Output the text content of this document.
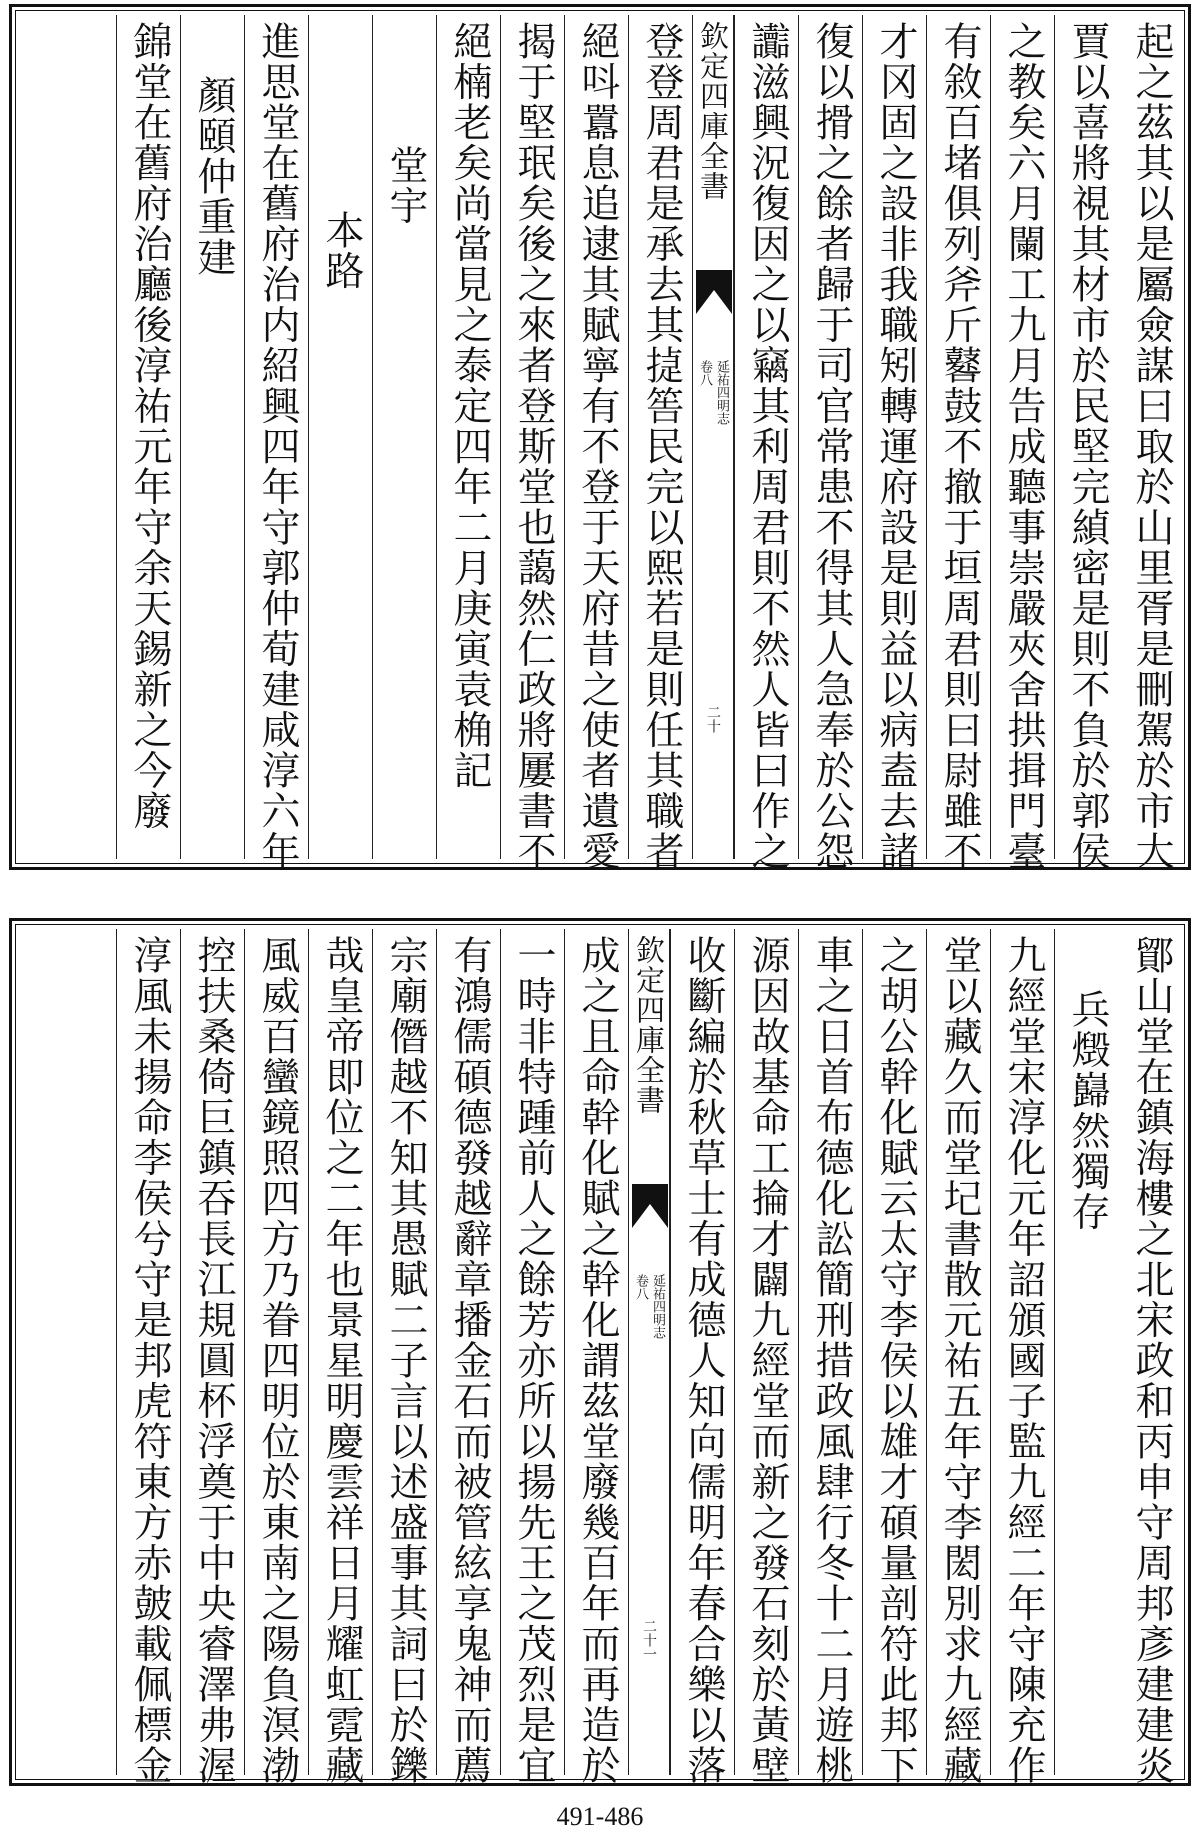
起之茲其以是屬僉謀曰取於山里胥是刪駕於市大
賈以喜將視其材市於民堅完緽密是則不負於郭侯
之教矣六月闌工九月告成聽事崇嚴夾舍拱揖門臺
有敘百堵俱列斧斤鼛鼓不撤于垣周君則曰尉雖不
才冈固之設非我職矧轉運府設是則益以病盍去諸
復以搰之餘者歸于司官常患不得其人急奉於公怨
讟滋興況復因之以竊其利周君則不然人皆曰作之
欽定四庫全書
延祐四明志
卷八
二十
登登周君是承去其㨗筶民完以熙若是則任其職者
絕呌囂息追逮其賦寧有不登于天府昔之使者遺愛
揭于堅珉矣後之來者登斯堂也藹然仁政將屢書不
絕楠老矣尚當見之泰定四年二月庚寅袁桷記
堂宇
本路
進思堂在舊府治内紹興四年守郭仲荀建咸淳六年
顏頤仲重建
錦堂在舊府治廳後淳祐元年守余天錫新之今廢
鄮山堂在鎮海樓之北宋政和丙申守周邦彥建建炎
兵燬巋然獨存
九經堂宋淳化元年詔頒國子監九經二年守陳充作
堂以藏久而堂圮書散元祐五年守李閎別求九經藏
之胡公幹化賦云太守李侯以雄才碩量剖符此邦下
車之日首布德化訟簡刑措政風肆行冬十二月遊桃
源因故基命工掄才闢九經堂而新之發石刻於黃壁
收斷編於秋草士有成德人知向儒明年春合樂以落
欽定四庫全書
延祐四明志
卷八
二十一
成之且命幹化賦之幹化謂茲堂廢幾百年而再造於
一時非特踵前人之餘芳亦所以揚先王之茂烈是宜
有鴻儒碩德發越辭章播金石而被管絃享鬼神而薦
宗廟僭越不知其愚賦二子言以述盛事其詞曰於鑠
哉皇帝即位之二年也景星明慶雲祥日月耀虹霓藏
風威百蠻鏡照四方乃眷四明位於東南之陽負溟渤
控扶桑倚巨鎮吞長江規圓杯浮奠于中央睿澤弗渥
淳風未揚命李侯兮守是邦虎符東方赤皷載佩標金
491-486
